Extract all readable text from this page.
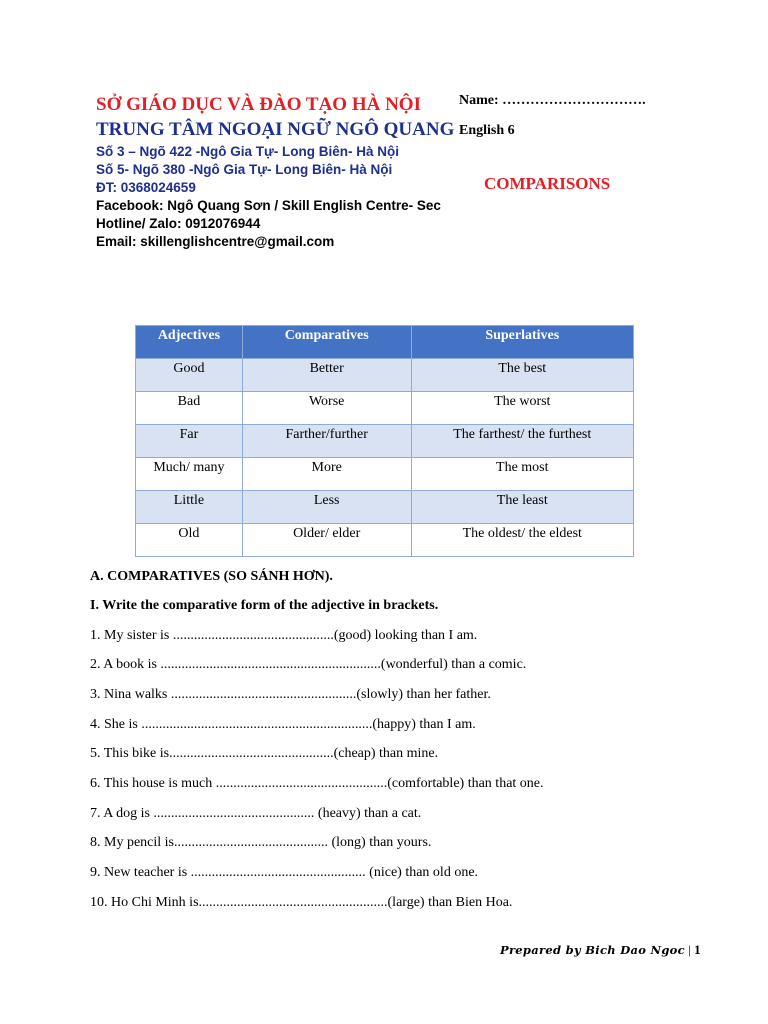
SỞ GIÁO DỤC VÀ ĐÀO TẠO HÀ NỘI
TRUNG TÂM NGOẠI NGỮ NGÔ QUANG
Số 3 – Ngõ 422 -Ngô Gia Tự- Long Biên- Hà Nội
Số 5- Ngõ 380 -Ngô Gia Tự- Long Biên- Hà Nội
ĐT: 0368024659
Facebook: Ngô Quang Sơn / Skill English Centre- Sec
Hotline/ Zalo: 0912076944
Email: skillenglishcentre@gmail.com
Name: ………………………….
English 6
COMPARISONS
Adjectives	Comparatives	Superlatives
Good	Better	The best
Bad	Worse	The worst
Far	Farther/further	The farthest/ the furthest
Much/ many	More	The most
Little	Less	The least
Old	Older/ elder	The oldest/ the eldest
A. COMPARATIVES (SO SÁNH HƠN).
I. Write the comparative form of the adjective in brackets.
1. My sister is ..............................................(good) looking than I am.
2. A book is ...............................................................(wonderful) than a comic.
3. Nina walks .....................................................(slowly) than her father.
4. She is ..................................................................(happy) than I am.
5. This bike is...............................................(cheap) than mine.
6. This house is much .................................................(comfortable) than that one.
7. A dog is .............................................. (heavy) than a cat.
8. My pencil is............................................ (long) than yours.
9. New teacher is .................................................. (nice) than old one.
10. Ho Chi Minh is......................................................(large) than Bien Hoa.
Prepared by Bich Dao Ngoc | 1
